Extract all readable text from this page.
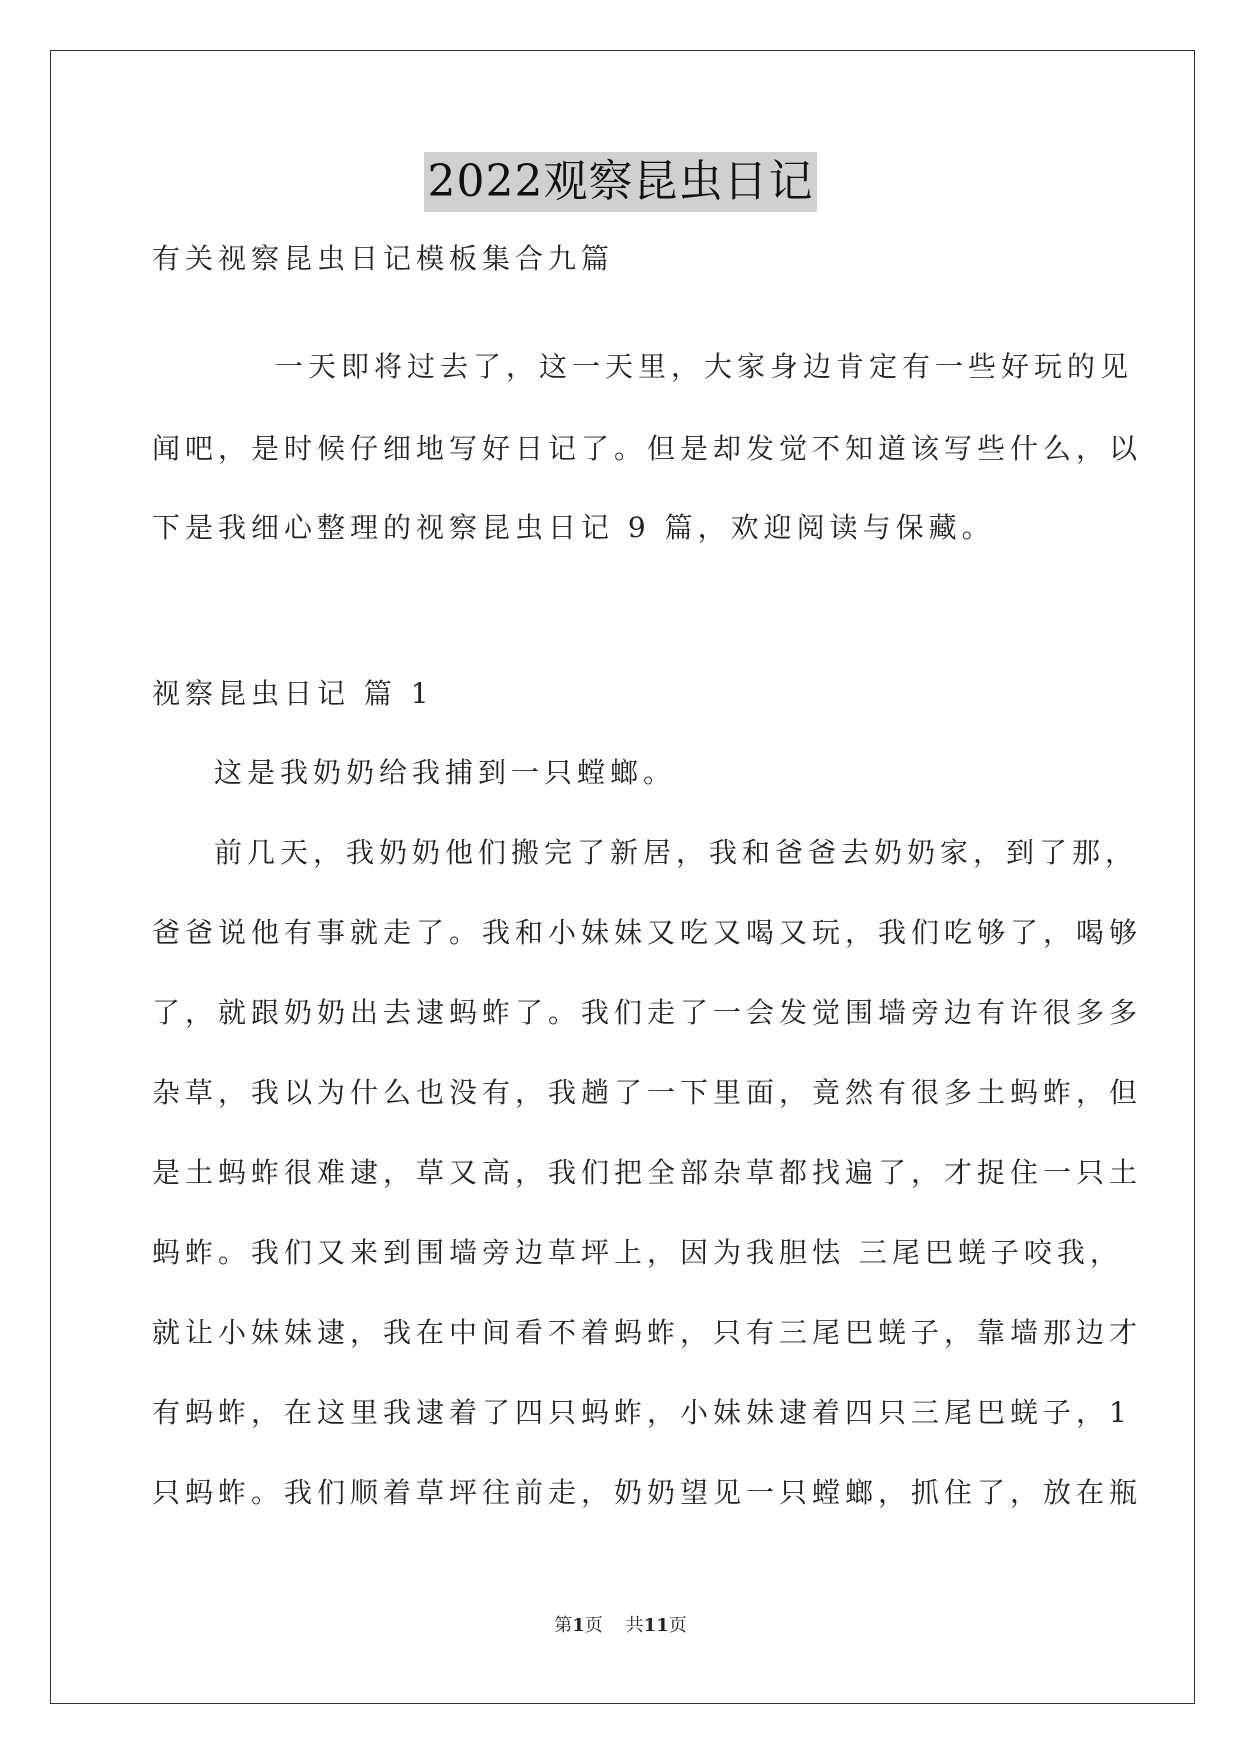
2022观察昆虫日记
有关视察昆虫日记模板集合九篇
一天即将过去了，这一天里，大家身边肯定有一些好玩的见
闻吧，是时候仔细地写好日记了。但是却发觉不知道该写些什么，以
下是我细心整理的视察昆虫日记 9 篇，欢迎阅读与保藏。
视察昆虫日记 篇 1
这是我奶奶给我捕到一只螳螂。
前几天，我奶奶他们搬完了新居，我和爸爸去奶奶家，到了那，
爸爸说他有事就走了。我和小妹妹又吃又喝又玩，我们吃够了，喝够
了，就跟奶奶出去逮蚂蚱了。我们走了一会发觉围墙旁边有许很多多
杂草，我以为什么也没有，我趟了一下里面，竟然有很多土蚂蚱，但
是土蚂蚱很难逮，草又高，我们把全部杂草都找遍了，才捉住一只土
蚂蚱。我们又来到围墙旁边草坪上，因为我胆怯 三尾巴蜣子咬我，
就让小妹妹逮，我在中间看不着蚂蚱，只有三尾巴蜣子，靠墙那边才
有蚂蚱，在这里我逮着了四只蚂蚱，小妹妹逮着四只三尾巴蜣子，1
只蚂蚱。我们顺着草坪往前走，奶奶望见一只螳螂，抓住了，放在瓶
第1页    共11页
